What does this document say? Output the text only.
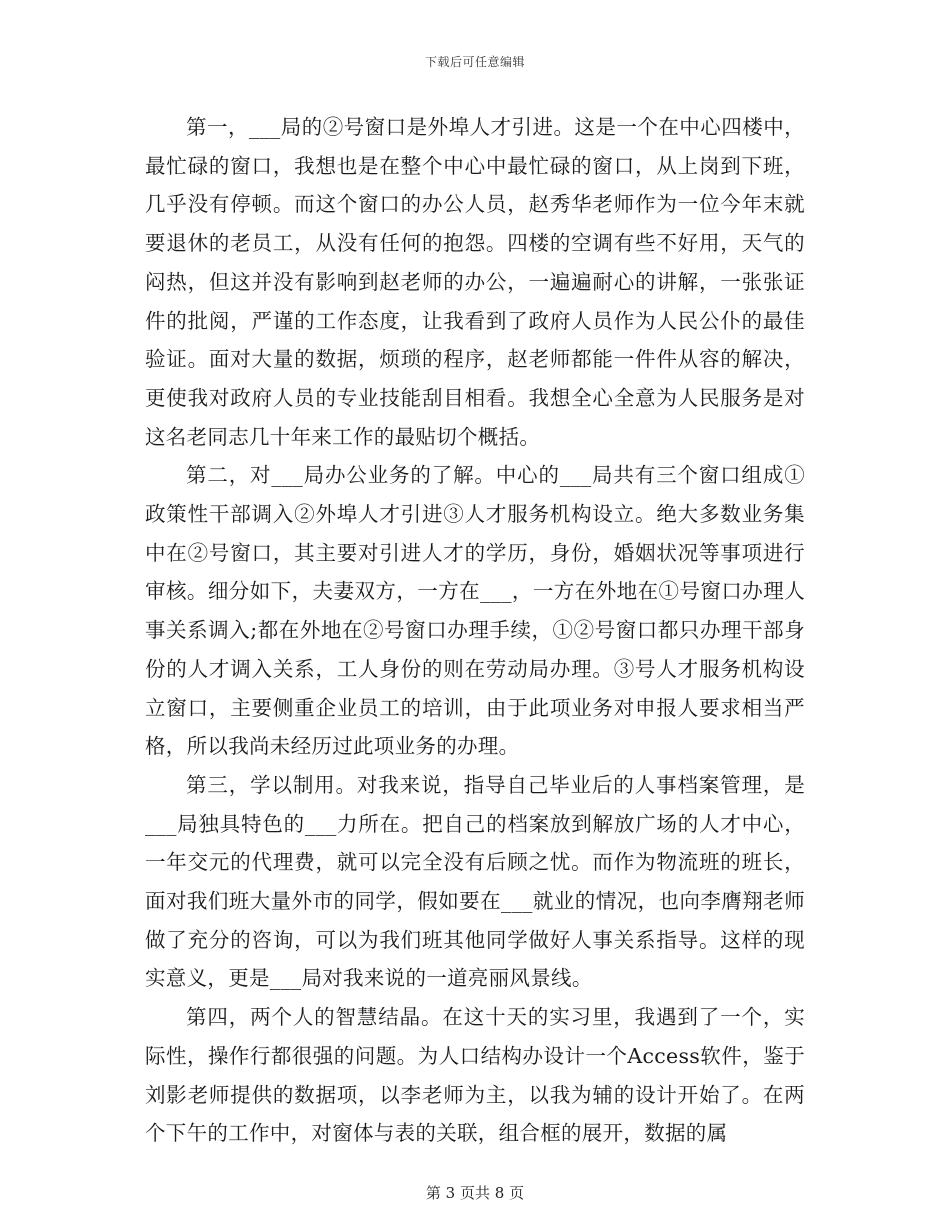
下载后可任意编辑

第一，___局的②号窗口是外埠人才引进。这是一个在中心四楼中，最忙碌的窗口，我想也是在整个中心中最忙碌的窗口，从上岗到下班，几乎没有停顿。而这个窗口的办公人员，赵秀华老师作为一位今年末就要退休的老员工，从没有任何的抱怨。四楼的空调有些不好用，天气的闷热，但这并没有影响到赵老师的办公，一遍遍耐心的讲解，一张张证件的批阅，严谨的工作态度，让我看到了政府人员作为人民公仆的最佳验证。面对大量的数据，烦琐的程序，赵老师都能一件件从容的解决，更使我对政府人员的专业技能刮目相看。我想全心全意为人民服务是对这名老同志几十年来工作的最贴切个概括。

第二，对___局办公业务的了解。中心的___局共有三个窗口组成①政策性干部调入②外埠人才引进③人才服务机构设立。绝大多数业务集中在②号窗口，其主要对引进人才的学历，身份，婚姻状况等事项进行审核。细分如下，夫妻双方，一方在___，一方在外地在①号窗口办理人事关系调入;都在外地在②号窗口办理手续，①②号窗口都只办理干部身份的人才调入关系，工人身份的则在劳动局办理。③号人才服务机构设立窗口，主要侧重企业员工的培训，由于此项业务对申报人要求相当严格，所以我尚未经历过此项业务的办理。

第三，学以制用。对我来说，指导自己毕业后的人事档案管理，是___局独具特色的___力所在。把自己的档案放到解放广场的人才中心，一年交元的代理费，就可以完全没有后顾之忧。而作为物流班的班长，面对我们班大量外市的同学，假如要在___就业的情况，也向李膺翔老师做了充分的咨询，可以为我们班其他同学做好人事关系指导。这样的现实意义，更是___局对我来说的一道亮丽风景线。

第四，两个人的智慧结晶。在这十天的实习里，我遇到了一个，实际性，操作行都很强的问题。为人口结构办设计一个Access软件，鉴于刘影老师提供的数据项，以李老师为主，以我为辅的设计开始了。在两个下午的工作中，对窗体与表的关联，组合框的展开，数据的属

第 3 页共 8 页
